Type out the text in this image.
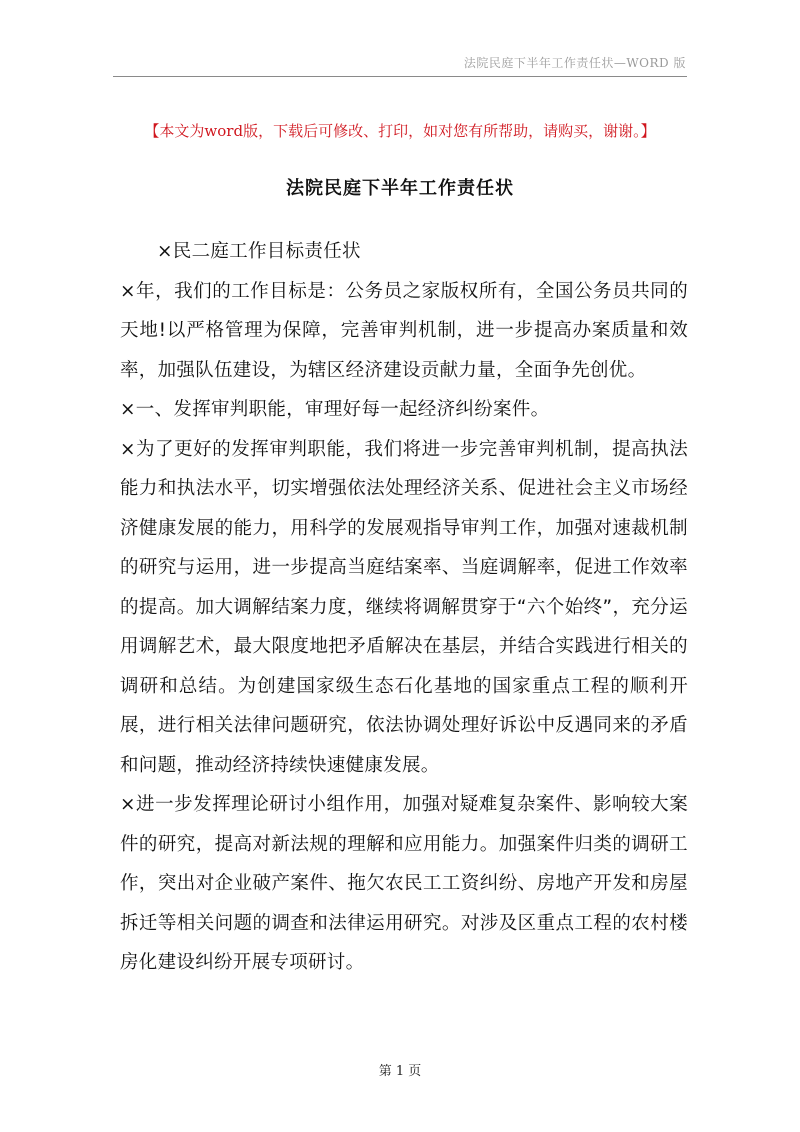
法院民庭下半年工作责任状—WORD 版
【本文为word版，下载后可修改、打印，如对您有所帮助，请购买，谢谢。】
法院民庭下半年工作责任状

×民二庭工作目标责任状

×年，我们的工作目标是：公务员之家版权所有，全国公务员共同的天地!以严格管理为保障，完善审判机制，进一步提高办案质量和效率，加强队伍建设，为辖区经济建设贡献力量，全面争先创优。

×一、发挥审判职能，审理好每一起经济纠纷案件。

×为了更好的发挥审判职能，我们将进一步完善审判机制，提高执法能力和执法水平，切实增强依法处理经济关系、促进社会主义市场经济健康发展的能力，用科学的发展观指导审判工作，加强对速裁机制的研究与运用，进一步提高当庭结案率、当庭调解率，促进工作效率的提高。加大调解结案力度，继续将调解贯穿于“六个始终”，充分运用调解艺术，最大限度地把矛盾解决在基层，并结合实践进行相关的调研和总结。为创建国家级生态石化基地的国家重点工程的顺利开展，进行相关法律问题研究，依法协调处理好诉讼中反遇同来的矛盾和问题，推动经济持续快速健康发展。

×进一步发挥理论研讨小组作用，加强对疑难复杂案件、影响较大案件的研究，提高对新法规的理解和应用能力。加强案件归类的调研工作，突出对企业破产案件、拖欠农民工工资纠纷、房地产开发和房屋拆迁等相关问题的调查和法律运用研究。对涉及区重点工程的农村楼房化建设纠纷开展专项研讨。

第 1 页
